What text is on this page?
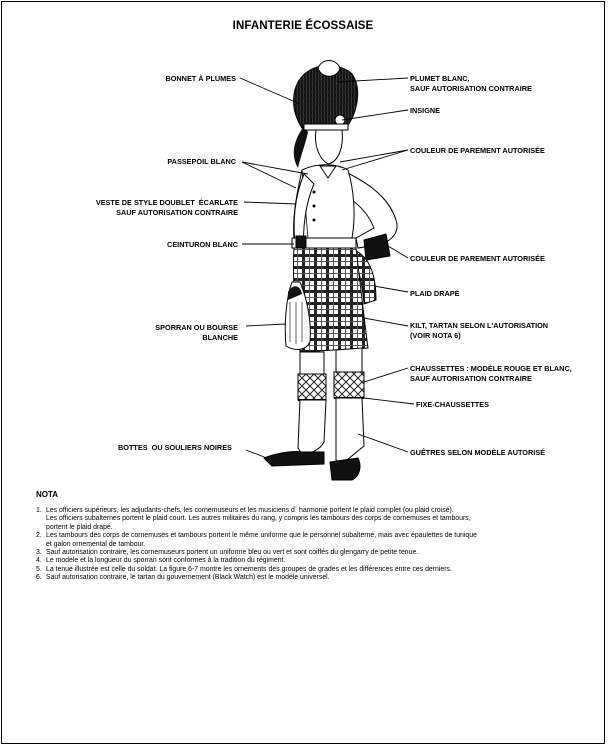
INFANTERIE ÉCOSSAISE
BONNET À PLUMES
PASSEPOIL BLANC
VESTE DE STYLE DOUBLET  ÉCARLATE
SAUF AUTORISATION CONTRAIRE
CEINTURON BLANC
SPORRAN OU BOURSE
BLANCHE
BOTTES  OU SOULIERS NOIRES
PLUMET BLANC,
SAUF AUTORISATION CONTRAIRE
INSIGNE
COULEUR DE PAREMENT AUTORISÉE
COULEUR DE PAREMENT AUTORISÉE
PLAID DRAPÉ
KILT, TARTAN SELON L'AUTORISATION
(VOIR NOTA 6)
CHAUSSETTES : MODÈLE ROUGE ET BLANC,
SAUF AUTORISATION CONTRAIRE
FIXE-CHAUSSETTES
GUÊTRES SELON MODÈLE AUTORISÉ
NOTA
1. Les officiers supérieurs, les adjudants-chefs, les cornemuseurs et les musiciens d´ harmonie portent le plaid complet (ou plaid croisé).
Les officiers subalternes portent le plaid court. Les autres militaires du rang, y compris les tambours des corps de cornemuses et tambours,
portent le plaid drapé.
2. Les tambours des corps de cornemuses et tambours portent le même uniforme que le personnel subalterne, mais avec épaulettes de tunique
et galon ornemental de tambour.
3. Sauf autorisation contraire, les cornemuseurs portent un uniforme bleu ou vert et sont coiffés du glengarry de petite tenue.
4. Le modèle et la longueur du sporran sont conformes à la tradition du régiment.
5. La tenue illustrée est celle du soldat. La figure 6-7 montre les ornements des groupes de grades et les différences entre ces derniers.
6. Sauf autorisation contraire, le tartan du gouvernement (Black Watch) est le modèle universel.
